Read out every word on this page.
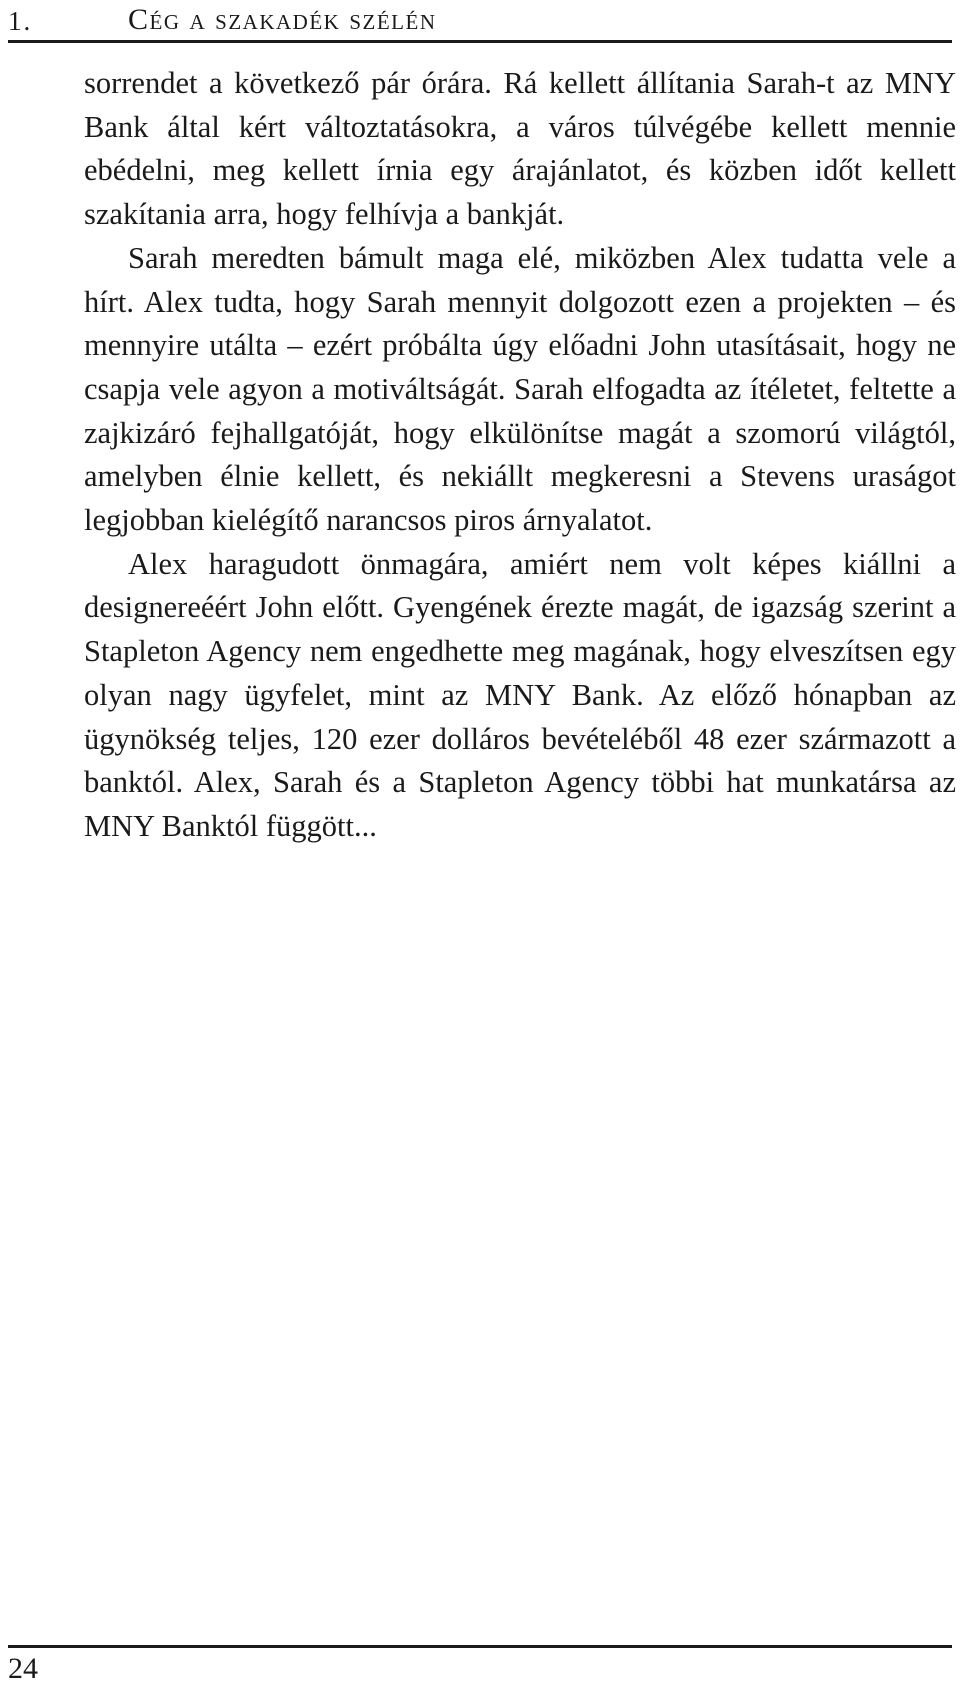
1.	Cég a szakadék szélén

sorrendet a következő pár órára. Rá kellett állítania Sarah-t az MNY Bank által kért változtatásokra, a város túlvégébe kellett mennie ebédelni, meg kellett írnia egy árajánlatot, és közben időt kellett szakítania arra, hogy felhívja a bankját.

Sarah meredten bámult maga elé, miközben Alex tudatta vele a hírt. Alex tudta, hogy Sarah mennyit dolgozott ezen a projekten – és mennyire utálta – ezért próbálta úgy előadni John utasításait, hogy ne csapja vele agyon a motiváltságát. Sarah elfogadta az ítéletet, feltette a zajkizáró fejhallgatóját, hogy elkülönítse magát a szomorú világtól, amelyben élnie kellett, és nekiállt megkeresni a Stevens uraságot legjobban kielégítő narancsos piros árnyalatot.

Alex haragudott önmagára, amiért nem volt képes kiállni a designereéért John előtt. Gyengének érezte magát, de igazság szerint a Stapleton Agency nem engedhette meg magának, hogy elveszítsen egy olyan nagy ügyfelet, mint az MNY Bank. Az előző hónapban az ügynökség teljes, 120 ezer dolláros bevételéből 48 ezer származott a banktól. Alex, Sarah és a Stapleton Agency többi hat munkatársa az MNY Banktól függött...

24
